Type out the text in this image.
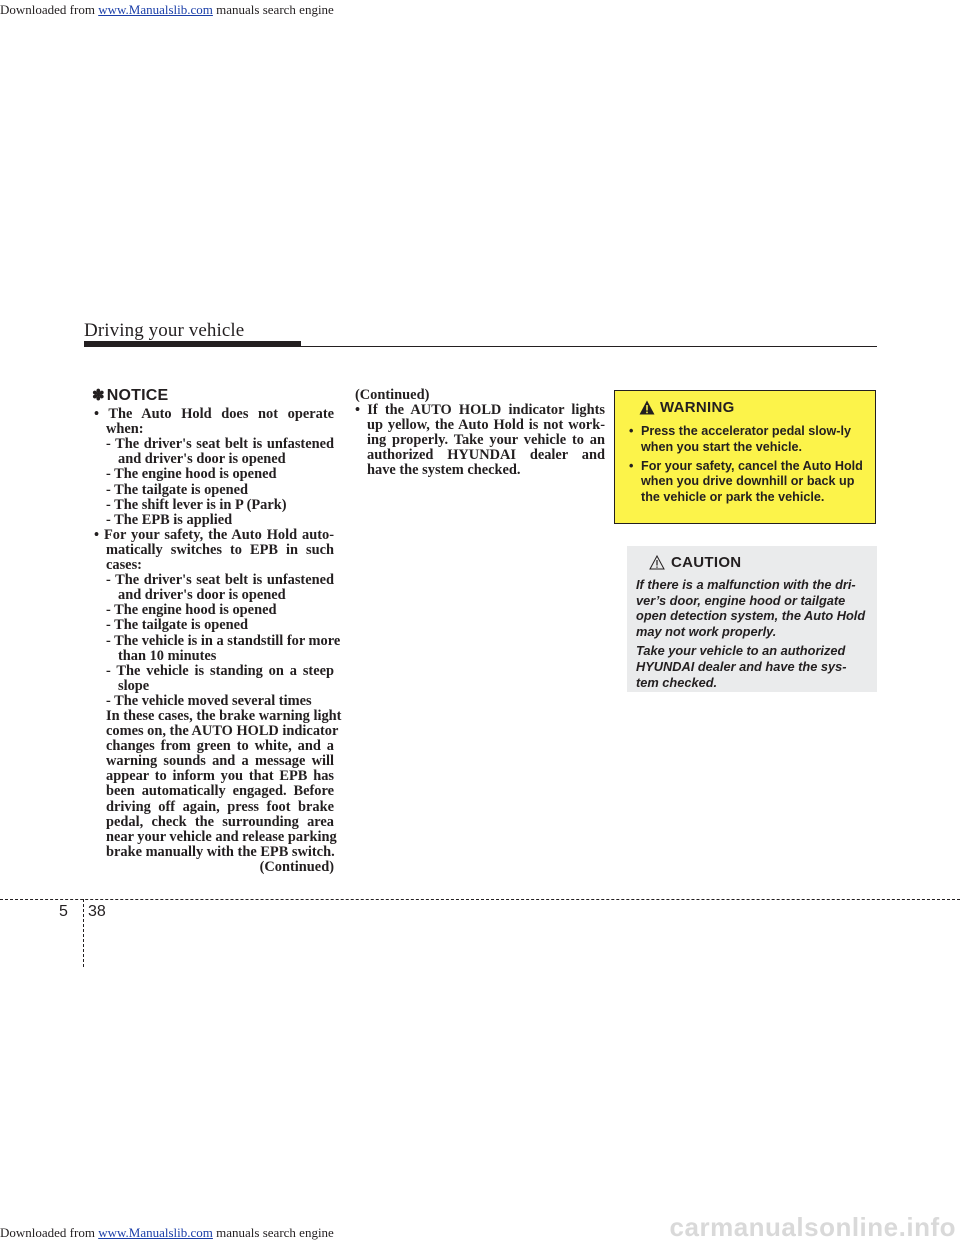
Downloaded from www.Manualslib.com manuals search engine
Driving your vehicle
✽ NOTICE
• The Auto Hold does not operate
when:
- The driver's seat belt is unfastened
and driver's door is opened
- The engine hood is opened
- The tailgate is opened
- The shift lever is in P (Park)
- The EPB is applied
• For your safety, the Auto Hold auto-
matically switches to EPB in such
cases:
- The driver's seat belt is unfastened
and driver's door is opened
- The engine hood is opened
- The tailgate is opened
- The vehicle is in a standstill for more
than 10 minutes
- The vehicle is standing on a steep
slope
- The vehicle moved several times
In these cases, the brake warning light
comes on, the AUTO HOLD indicator
changes from green to white, and a
warning sounds and a message will
appear to inform you that EPB has
been automatically engaged. Before
driving off again, press foot brake
pedal, check the surrounding area
near your vehicle and release parking
brake manually with the EPB switch.
(Continued)
(Continued)
• If the AUTO HOLD indicator lights
up yellow, the Auto Hold is not work-
ing properly. Take your vehicle to an
authorized HYUNDAI dealer and
have the system checked.
WARNING
• Press the accelerator pedal slow-ly when you start the vehicle.
• For your safety, cancel the Auto Hold when you drive downhill or back up the vehicle or park the vehicle.
CAUTION
If there is a malfunction with the dri-ver’s door, engine hood or tailgate open detection system, the Auto Hold may not work properly.
Take your vehicle to an authorized HYUNDAI dealer and have the sys-tem checked.
5 38
Downloaded from www.Manualslib.com manuals search engine	carmanualsonline.info
